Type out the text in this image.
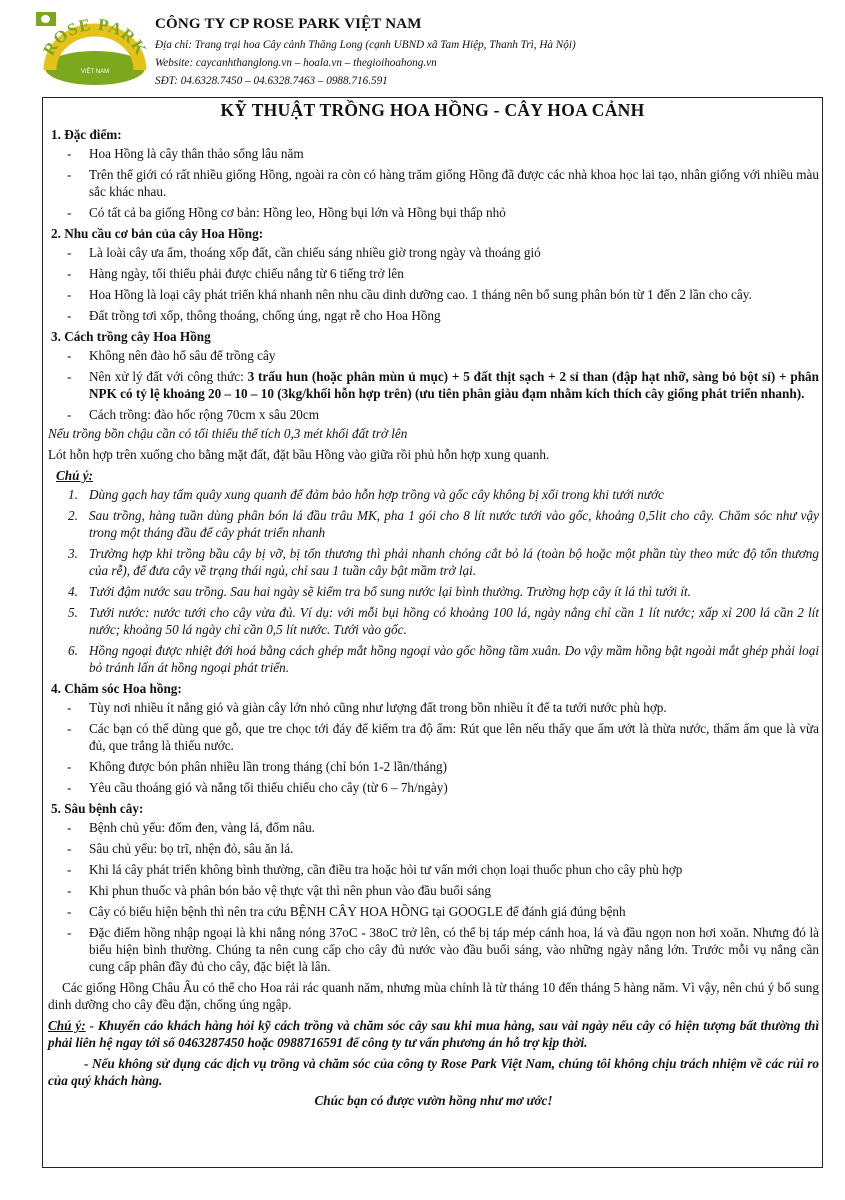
ROSE PARK
VIỆT NAM
CÔNG TY CP ROSE PARK VIỆT NAM
Địa chỉ: Trang trại hoa Cây cảnh Thăng Long (cạnh UBND xã Tam Hiệp, Thanh Trì, Hà Nội)
Website: caycanhthanglong.vn – hoala.vn – thegioihoahong.vn
SĐT: 04.6328.7450 – 04.6328.7463 – 0988.716.591
KỸ THUẬT TRỒNG HOA HỒNG - CÂY HOA CẢNH
1. Đặc điểm:
- Hoa Hồng là cây thân thảo sống lâu năm
- Trên thế giới có rất nhiều giống Hồng, ngoài ra còn có hàng trăm giống Hồng đã được các nhà khoa học lai tạo, nhân giống với nhiều màu sắc khác nhau.
- Có tất cả ba giống Hồng cơ bản: Hồng leo, Hồng bụi lớn và Hồng bụi thấp nhỏ
2. Nhu cầu cơ bản của cây Hoa Hồng:
- Là loài cây ưa ẩm, thoáng xốp đất, cần chiếu sáng nhiều giờ trong ngày và thoáng gió
- Hàng ngày, tối thiểu phải được chiếu nắng từ 6 tiếng trở lên
- Hoa Hồng là loại cây phát triển khá nhanh nên nhu cầu dinh dưỡng cao. 1 tháng nên bổ sung phân bón từ 1 đến 2 lần cho cây.
- Đất trồng tơi xốp, thông thoáng, chống úng, ngạt rễ cho Hoa Hồng
3. Cách trồng cây Hoa Hồng
- Không nên đào hố sâu để trồng cây
- Nên xử lý đất với công thức: 3 trấu hun (hoặc phân mùn ủ mục) + 5 đất thịt sạch + 2 sỉ than (đập hạt nhỡ, sàng bỏ bột sỉ) + phân NPK có tỷ lệ khoảng 20 – 10 – 10 (3kg/khối hỗn hợp trên) (ưu tiên phân giàu đạm nhằm kích thích cây giống phát triển nhanh).
- Cách trồng: đào hốc rộng 70cm x sâu 20cm
Nếu trồng bồn chậu cần có tối thiểu thể tích 0,3 mét khối đất trở lên
Lót hỗn hợp trên xuống cho bằng mặt đất, đặt bầu Hồng vào giữa rồi phủ hỗn hợp xung quanh.
Chú ý:
1. Dùng gạch hay tấm quây xung quanh để đảm bảo hỗn hợp trồng và gốc cây không bị xối trong khi tưới nước
2. Sau trồng, hàng tuần dùng phân bón lá đầu trâu MK, pha 1 gói cho 8 lít nước tưới vào gốc, khoảng 0,5lit cho cây. Chăm sóc như vậy trong một tháng đầu để cây phát triển nhanh
3. Trường hợp khi trồng bầu cây bị vỡ, bị tổn thương thì phải nhanh chóng cắt bỏ lá (toàn bộ hoặc một phần tùy theo mức độ tổn thương của rễ), để đưa cây về trạng thái ngủ, chỉ sau 1 tuần cây bật mầm trở lại.
4. Tưới đậm nước sau trồng. Sau hai ngày sẽ kiểm tra bổ sung nước lại bình thường. Trường hợp cây ít lá thì tưới ít.
5. Tưới nước: nước tưới cho cây vừa đủ. Ví dụ: với mỗi bụi hồng có khoảng 100 lá, ngày nắng chỉ cần 1 lít nước; xấp xỉ 200 lá cần 2 lít nước; khoảng 50 lá ngày chỉ cần 0,5 lít nước. Tưới vào gốc.
6. Hồng ngoại được nhiệt đới hoá bằng cách ghép mắt hồng ngoại vào gốc hồng tầm xuân. Do vậy mầm hồng bật ngoài mắt ghép phải loại bỏ tránh lấn át hồng ngoại phát triển.
4. Chăm sóc Hoa hồng:
- Tùy nơi nhiều ít nắng gió và giàn cây lớn nhỏ cũng như lượng đất trong bồn nhiều ít để ta tưới nước phù hợp.
- Các bạn có thể dùng que gỗ, que tre chọc tới đáy để kiểm tra độ ẩm: Rút que lên nếu thấy que ẩm ướt là thừa nước, thấm ẩm que là vừa đủ, que trắng là thiếu nước.
- Không được bón phân nhiều lần trong tháng (chỉ bón 1-2 lần/tháng)
- Yêu cầu thoáng gió và nắng tối thiểu chiếu cho cây (từ 6 – 7h/ngày)
5. Sâu bệnh cây:
- Bệnh chủ yếu: đốm đen, vàng lá, đốm nâu.
- Sâu chủ yếu: bọ trĩ, nhện đỏ, sâu ăn lá.
- Khi lá cây phát triển không bình thường, cần điều tra hoặc hỏi tư vấn mới chọn loại thuốc phun cho cây phù hợp
- Khi phun thuốc và phân bón bảo vệ thực vật thì nên phun vào đầu buổi sáng
- Cây có biểu hiện bệnh thì nên tra cứu BỆNH CÂY HOA HỒNG tại GOOGLE để đánh giá đúng bệnh
- Đặc điểm hồng nhập ngoại là khi nắng nóng 37oC - 38oC trở lên, có thể bị táp mép cánh hoa, lá và đầu ngọn non hơi xoăn. Nhưng đó là biểu hiện bình thường. Chúng ta nên cung cấp cho cây đủ nước vào đầu buổi sáng, vào những ngày nắng lớn. Trước mỗi vụ nắng cần cung cấp phân đầy đủ cho cây, đặc biệt là lân.
Các giống Hồng Châu Âu có thể cho Hoa rải rác quanh năm, nhưng mùa chính là từ tháng 10 đến tháng 5 hàng năm. Vì vậy, nên chú ý bổ sung dinh dưỡng cho cây đều đặn, chống úng ngập.
Chú ý: - Khuyến cáo khách hàng hỏi kỹ cách trồng và chăm sóc cây sau khi mua hàng, sau vài ngày nếu cây có hiện tượng bất thường thì phải liên hệ ngay tới số 0463287450 hoặc 0988716591 để công ty tư vấn phương án hỗ trợ kịp thời.
- Nếu không sử dụng các dịch vụ trồng và chăm sóc của công ty Rose Park Việt Nam, chúng tôi không chịu trách nhiệm về các rủi ro của quý khách hàng.
Chúc bạn có được vườn hồng như mơ ước!
